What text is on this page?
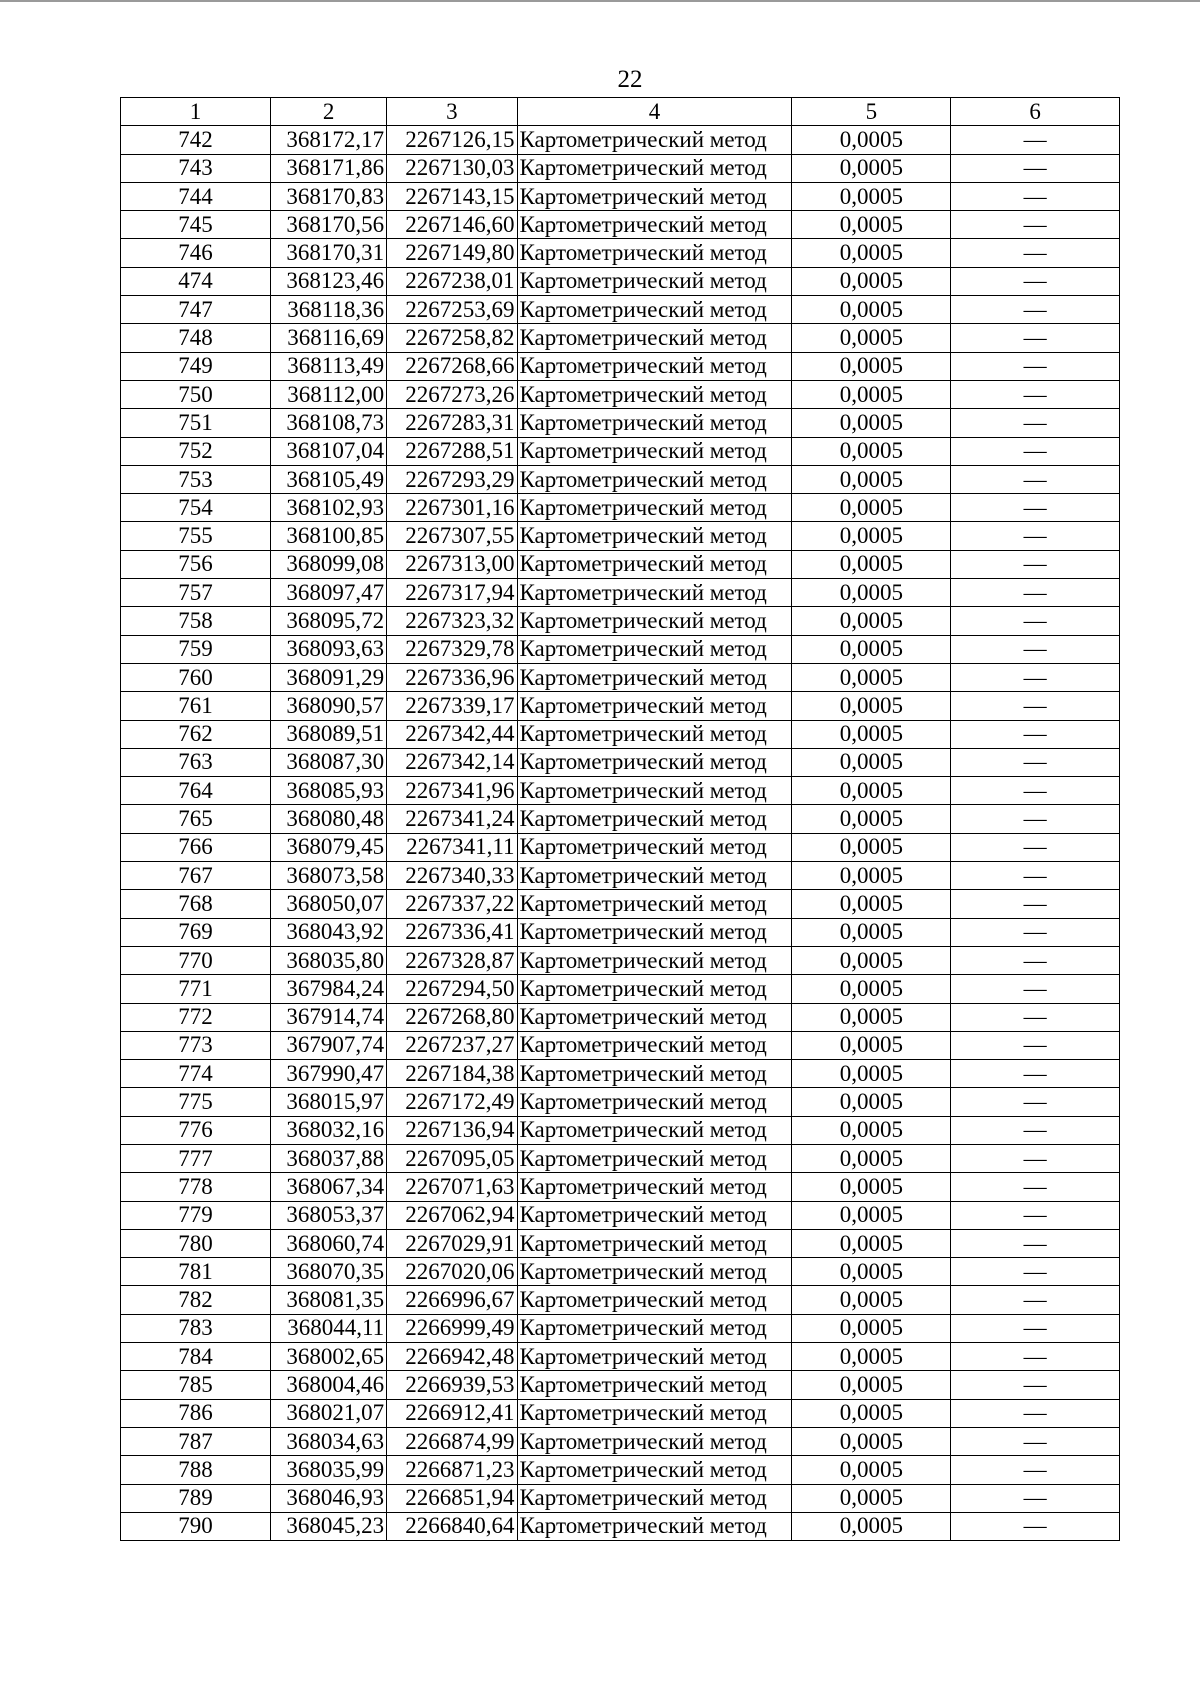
22
1	2	3	4	5	6
742	368172,17	2267126,15	Картометрический метод	0,0005	—
743	368171,86	2267130,03	Картометрический метод	0,0005	—
744	368170,83	2267143,15	Картометрический метод	0,0005	—
745	368170,56	2267146,60	Картометрический метод	0,0005	—
746	368170,31	2267149,80	Картометрический метод	0,0005	—
474	368123,46	2267238,01	Картометрический метод	0,0005	—
747	368118,36	2267253,69	Картометрический метод	0,0005	—
748	368116,69	2267258,82	Картометрический метод	0,0005	—
749	368113,49	2267268,66	Картометрический метод	0,0005	—
750	368112,00	2267273,26	Картометрический метод	0,0005	—
751	368108,73	2267283,31	Картометрический метод	0,0005	—
752	368107,04	2267288,51	Картометрический метод	0,0005	—
753	368105,49	2267293,29	Картометрический метод	0,0005	—
754	368102,93	2267301,16	Картометрический метод	0,0005	—
755	368100,85	2267307,55	Картометрический метод	0,0005	—
756	368099,08	2267313,00	Картометрический метод	0,0005	—
757	368097,47	2267317,94	Картометрический метод	0,0005	—
758	368095,72	2267323,32	Картометрический метод	0,0005	—
759	368093,63	2267329,78	Картометрический метод	0,0005	—
760	368091,29	2267336,96	Картометрический метод	0,0005	—
761	368090,57	2267339,17	Картометрический метод	0,0005	—
762	368089,51	2267342,44	Картометрический метод	0,0005	—
763	368087,30	2267342,14	Картометрический метод	0,0005	—
764	368085,93	2267341,96	Картометрический метод	0,0005	—
765	368080,48	2267341,24	Картометрический метод	0,0005	—
766	368079,45	2267341,11	Картометрический метод	0,0005	—
767	368073,58	2267340,33	Картометрический метод	0,0005	—
768	368050,07	2267337,22	Картометрический метод	0,0005	—
769	368043,92	2267336,41	Картометрический метод	0,0005	—
770	368035,80	2267328,87	Картометрический метод	0,0005	—
771	367984,24	2267294,50	Картометрический метод	0,0005	—
772	367914,74	2267268,80	Картометрический метод	0,0005	—
773	367907,74	2267237,27	Картометрический метод	0,0005	—
774	367990,47	2267184,38	Картометрический метод	0,0005	—
775	368015,97	2267172,49	Картометрический метод	0,0005	—
776	368032,16	2267136,94	Картометрический метод	0,0005	—
777	368037,88	2267095,05	Картометрический метод	0,0005	—
778	368067,34	2267071,63	Картометрический метод	0,0005	—
779	368053,37	2267062,94	Картометрический метод	0,0005	—
780	368060,74	2267029,91	Картометрический метод	0,0005	—
781	368070,35	2267020,06	Картометрический метод	0,0005	—
782	368081,35	2266996,67	Картометрический метод	0,0005	—
783	368044,11	2266999,49	Картометрический метод	0,0005	—
784	368002,65	2266942,48	Картометрический метод	0,0005	—
785	368004,46	2266939,53	Картометрический метод	0,0005	—
786	368021,07	2266912,41	Картометрический метод	0,0005	—
787	368034,63	2266874,99	Картометрический метод	0,0005	—
788	368035,99	2266871,23	Картометрический метод	0,0005	—
789	368046,93	2266851,94	Картометрический метод	0,0005	—
790	368045,23	2266840,64	Картометрический метод	0,0005	—
